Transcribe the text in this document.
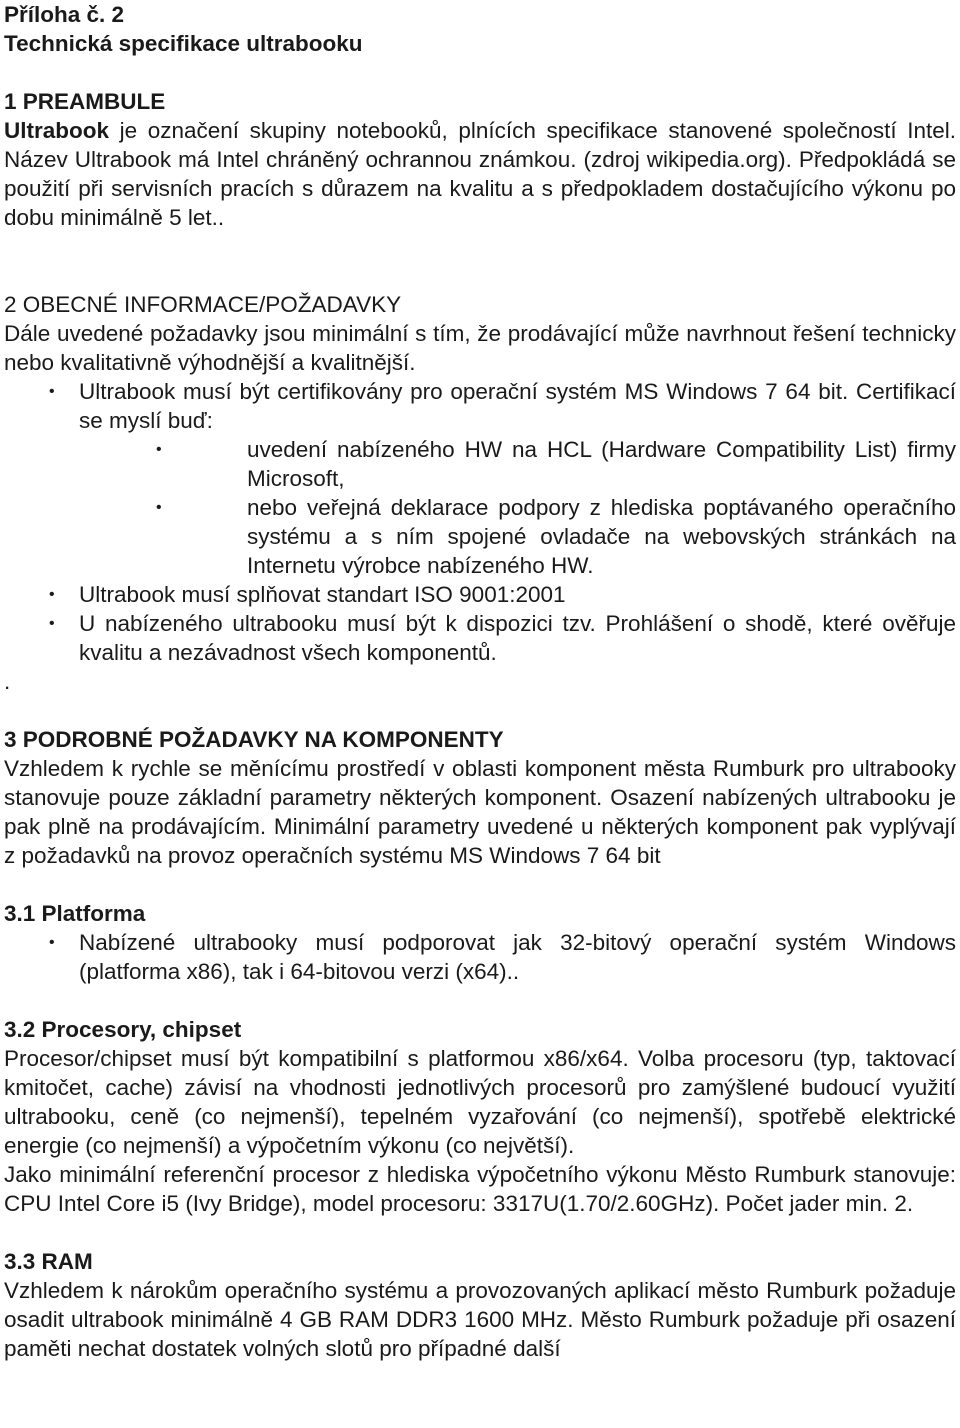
Příloha č. 2

Technická specifikace ultrabooku

1 PREAMBULE

Ultrabook je označení skupiny notebooků, plnících specifikace stanovené společností Intel. Název Ultrabook má Intel chráněný ochrannou známkou. (zdroj wikipedia.org). Předpokládá se použití při servisních pracích s důrazem na kvalitu a s předpokladem dostačujícího výkonu po dobu minimálně 5 let..

2 OBECNÉ INFORMACE/POŽADAVKY

Dále uvedené požadavky jsou minimální s tím, že prodávající může navrhnout řešení technicky nebo kvalitativně výhodnější a kvalitnější.

• Ultrabook musí být certifikovány pro operační systém MS Windows 7 64 bit. Certifikací se myslí buď:
•	uvedení nabízeného HW na HCL (Hardware Compatibility List) firmy Microsoft,
•	nebo veřejná deklarace podpory z hlediska poptávaného operačního systému a s ním spojené ovladače na webovských stránkách na Internetu výrobce nabízeného HW.
• Ultrabook musí splňovat standart ISO 9001:2001
• U nabízeného ultrabooku musí být k dispozici tzv. Prohlášení o shodě, které ověřuje kvalitu a nezávadnost všech komponentů.

.

3 PODROBNÉ POŽADAVKY NA KOMPONENTY

Vzhledem k rychle se měnícímu prostředí v oblasti komponent města Rumburk pro ultrabooky stanovuje pouze základní parametry některých komponent. Osazení nabízených ultrabooku je pak plně na prodávajícím. Minimální parametry uvedené u některých komponent pak vyplývají z požadavků na provoz operačních systému MS Windows 7 64 bit

3.1 Platforma

• Nabízené ultrabooky musí podporovat jak 32-bitový operační systém Windows (platforma x86), tak i 64-bitovou verzi (x64)..

3.2 Procesory, chipset

Procesor/chipset musí být kompatibilní s platformou x86/x64. Volba procesoru (typ, taktovací kmitočet, cache) závisí na vhodnosti jednotlivých procesorů pro zamýšlené budoucí využití ultrabooku, ceně (co nejmenší), tepelném vyzařování (co nejmenší), spotřebě elektrické energie (co nejmenší) a výpočetním výkonu (co největší).

Jako minimální referenční procesor z hlediska výpočetního výkonu Město Rumburk stanovuje: CPU Intel Core i5 (Ivy Bridge), model procesoru: 3317U(1.70/2.60GHz). Počet jader min. 2.

3.3 RAM

Vzhledem k nárokům operačního systému a provozovaných aplikací město Rumburk požaduje osadit ultrabook minimálně 4 GB RAM DDR3 1600 MHz. Město Rumburk požaduje při osazení paměti nechat dostatek volných slotů pro případné další
